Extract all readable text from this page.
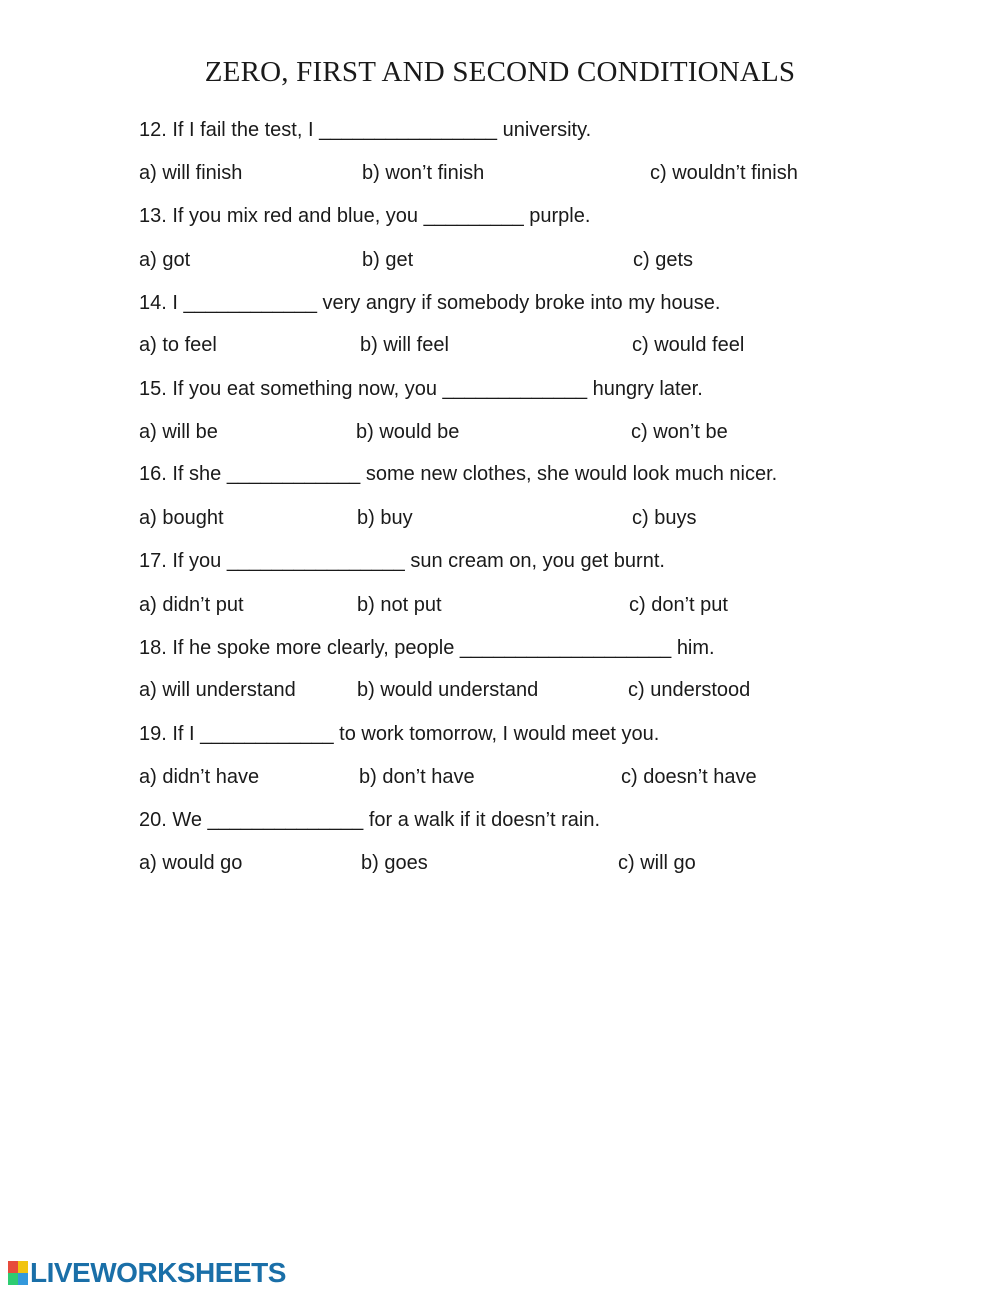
ZERO, FIRST AND SECOND CONDITIONALS
12. If I fail the test, I ________________ university.
a) will finish	b) won’t finish	c) wouldn’t finish
13. If you mix red and blue, you _________ purple.
a) got	b) get	c) gets
14. I ____________ very angry if somebody broke into my house.
a) to feel	b) will feel	c) would feel
15. If you eat something now, you _____________ hungry later.
a) will be	b) would be	c) won’t be
16. If she ____________ some new clothes, she would look much nicer.
a) bought	b) buy	c) buys
17. If you ________________ sun cream on, you get burnt.
a) didn’t put	b) not put	c) don’t put
18. If he spoke more clearly, people ___________________ him.
a) will understand	b) would understand	c) understood
19. If I ____________ to work tomorrow, I would meet you.
a) didn’t have	b) don’t have	c) doesn’t have
20. We ______________ for a walk if it doesn’t rain.
a) would go	b) goes	c) will go
LIVEWORKSHEETS
